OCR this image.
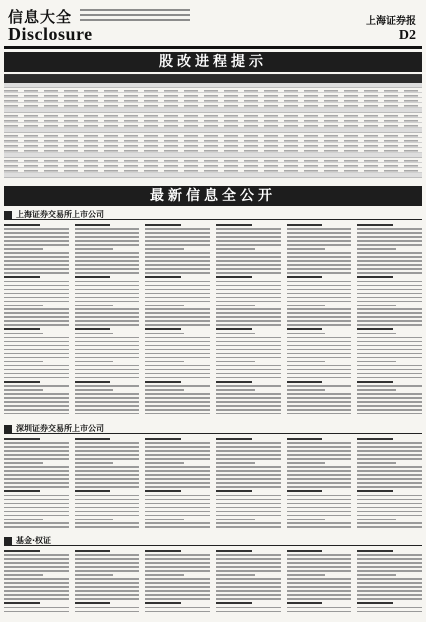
信息大全
Disclosure
上海证券报
D2
股改进程提示
最新信息全公开
上海证券交易所上市公司
深圳证券交易所上市公司
基金·权证
